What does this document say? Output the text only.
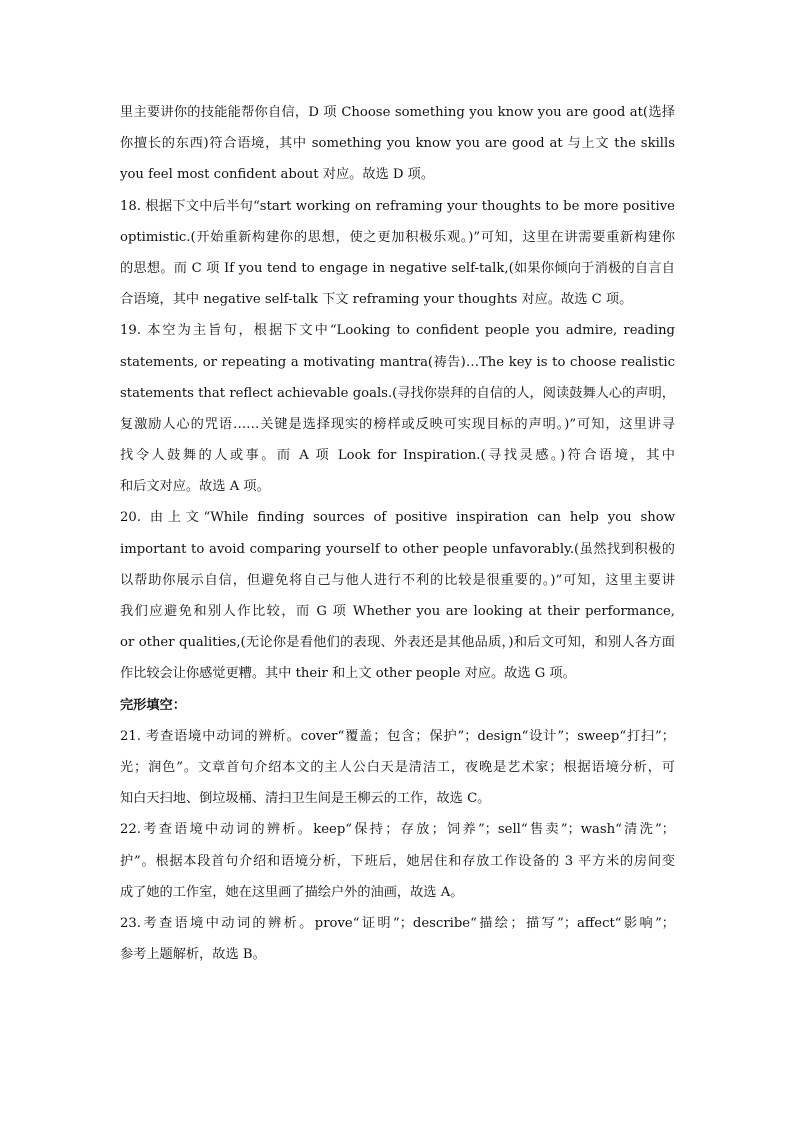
里主要讲你的技能能帮你自信，D 项 Choose something you know you are good at(选择
你擅长的东西)符合语境，其中 something you know you are good at 与上文 the skills
you feel most confident about 对应。故选 D 项。
18. 根据下文中后半句“start working on reframing your thoughts to be more positive
optimistic.(开始重新构建你的思想，使之更加积极乐观。)”可知，这里在讲需要重新构建你
的思想。而 C 项 If you tend to engage in negative self-talk,(如果你倾向于消极的自言自
合语境，其中 negative self-talk 下文 reframing your thoughts 对应。故选 C 项。
19. 本空为主旨句，根据下文中“Looking to confident people you admire, reading
statements, or repeating a motivating mantra(祷告)…The key is to choose realistic
statements that reflect achievable goals.(寻找你崇拜的自信的人，阅读鼓舞人心的声明，
复激励人心的咒语……关键是选择现实的榜样或反映可实现目标的声明。)”可知，这里讲寻
找令人鼓舞的人或事。而 A 项 Look for Inspiration.(寻找灵感。)符合语境，其中
和后文对应。故选 A 项。
20. 由上文“While finding sources of positive inspiration can help you show
important to avoid comparing yourself to other people unfavorably.(虽然找到积极的
以帮助你展示自信，但避免将自己与他人进行不利的比较是很重要的。)”可知，这里主要讲
我们应避免和别人作比较，而 G 项 Whether you are looking at their performance,
or other qualities,(无论你是看他们的表现、外表还是其他品质，)和后文可知，和别人各方面
作比较会让你感觉更糟。其中 their 和上文 other people 对应。故选 G 项。
完形填空：
21. 考查语境中动词的辨析。cover“覆盖；包含；保护”；design“设计”；sweep“打扫”；
光；润色”。文章首句介绍本文的主人公白天是清洁工，夜晚是艺术家；根据语境分析，可
知白天扫地、倒垃圾桶、清扫卫生间是王柳云的工作，故选 C。
22.考查语境中动词的辨析。keep“保持；存放；饲养”；sell“售卖”；wash“清洗”；
护”。根据本段首句介绍和语境分析，下班后，她居住和存放工作设备的 3 平方米的房间变
成了她的工作室，她在这里画了描绘户外的油画，故选 A。
23.考查语境中动词的辨析。prove“证明”；describe“描绘；描写”；affect“影响”；
参考上题解析，故选 B。
